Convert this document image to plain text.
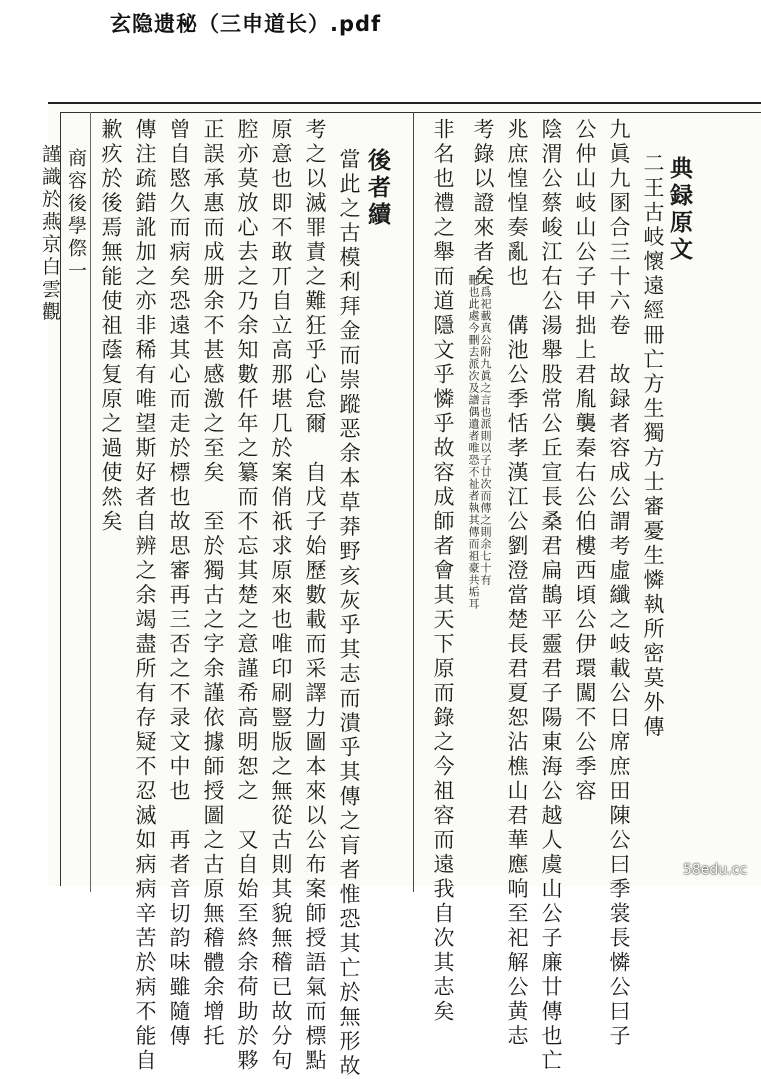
玄隐遗秘（三申道长）.pdf
典録原文
二王古岐懷遠經冊亡方生獨方士審憂生憐執所密莫外傳
九眞九圂合三十六卷　故録者容成公謂考虛纖之岐載公日席庶田陳公曰季裳長憐公曰子
公仲山岐山公子甲拙上君胤襲秦右公伯樓西頃公伊環闖不公季容
陰渭公蔡峻江右公湯舉股常公丘宣長桑君扁鵲平靈君子陽東海公越人虞山公子廉廿傳也亡
兆庶惶惶奏亂也　傋池公季恬孝漢江公劉澄當楚長君夏恕沾樵山君華應响至祀解公黄志
考錄以證來者矣
上爲祀載真公附九眞之言也派則以子廿次而傳之則余七十有
刪也此處今刪去派次及譜偶遺者唯恐不祉者執其傳而祖豪共垢耳
非名也禮之舉而道隱文乎憐乎故容成師者會其天下原而錄之今祖容而遠我自次其志矣
後者續
當此之古模利拜金而崇蹤恶余本草莽野亥灰乎其志而潰乎其傳之肓者惟恐其亡於無形故
考之以滅罪責之難狂乎心怠爾　自戊子始歷數載而采譯力圖本來以公布案師授語氣而標點
原意也即不敢丌自立高那堪几於案俏祇求原來也唯印刷豎版之無從古則其貌無稽已故分句
腔亦莫放心去之乃余知數仟年之纂而不忘其楚之意謹希高明恕之　又自始至終余荷助於夥
正誤承惠而成册余不甚感激之至矣　至於獨古之字余謹依據師授圖之古原無稽體余增托
曾自愍久而病矣恐遠其心而走於標也故思審再三否之不录文中也　再者音切韵味雖隨傳
傳注疏錯訛加之亦非稀有唯望斯好者自辨之余竭盡所有存疑不忍滅如病病辛苦於病不能自
歉疚於後焉無能使祖蔭复原之過使然矣
商容後學傺一
謹識於燕京白雲觀
58edu.cc
